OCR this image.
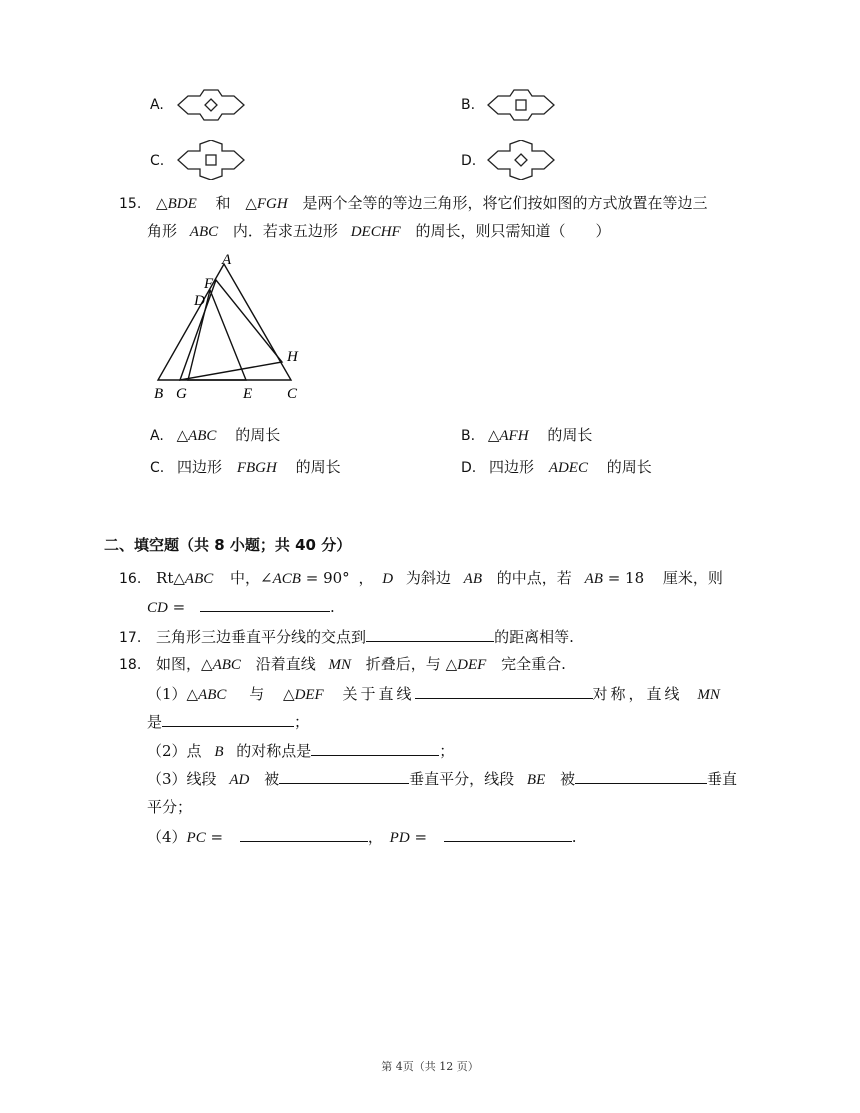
A.	B.
C.	D.
15. △BDE 和 △FGH 是两个全等的等边三角形，将它们按如图的方式放置在等边三
角形 ABC 内．若求五边形 DECHF 的周长，则只需知道（　　）
A
F
D
H
B G	E C
A. △ABC 的周长	B. △AFH 的周长
C. 四边形 FBGH 的周长	D. 四边形 ADEC 的周长
二、填空题（共 8 小题；共 40 分）
16. Rt△ABC 中，∠ACB = 90° ， D 为斜边 AB 的中点，若 AB = 18 厘米，则
CD =	.
17. 三角形三边垂直平分线的交点到	的距离相等.
18. 如图，△ABC 沿着直线 MN 折叠后，与 △DEF 完全重合.
（1）△ABC 与 △DEF 关于直线	对称，直线 MN
是	；
（2）点 B 的对称点是	；
（3）线段 AD 被	垂直平分，线段 BE 被	垂直
平分；
（4）PC =	， PD =	.
第 4页（共 12 页）
